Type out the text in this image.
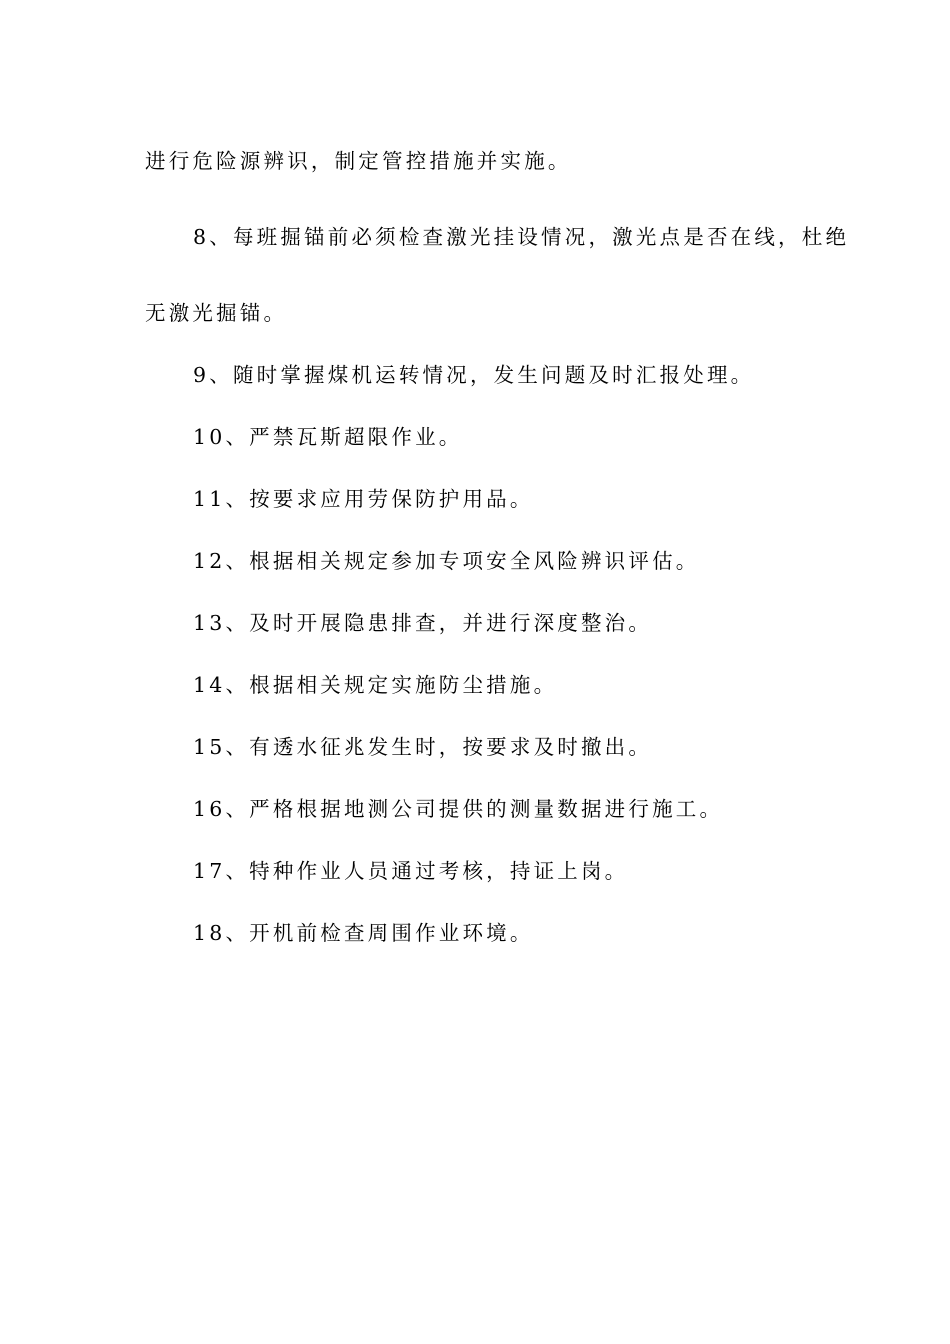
进行危险源辨识，制定管控措施并实施。
8、每班掘锚前必须检查激光挂设情况，激光点是否在线，杜绝
无激光掘锚。
9、随时掌握煤机运转情况，发生问题及时汇报处理。
10、严禁瓦斯超限作业。
11、按要求应用劳保防护用品。
12、根据相关规定参加专项安全风险辨识评估。
13、及时开展隐患排查，并进行深度整治。
14、根据相关规定实施防尘措施。
15、有透水征兆发生时，按要求及时撤出。
16、严格根据地测公司提供的测量数据进行施工。
17、特种作业人员通过考核，持证上岗。
18、开机前检查周围作业环境。
